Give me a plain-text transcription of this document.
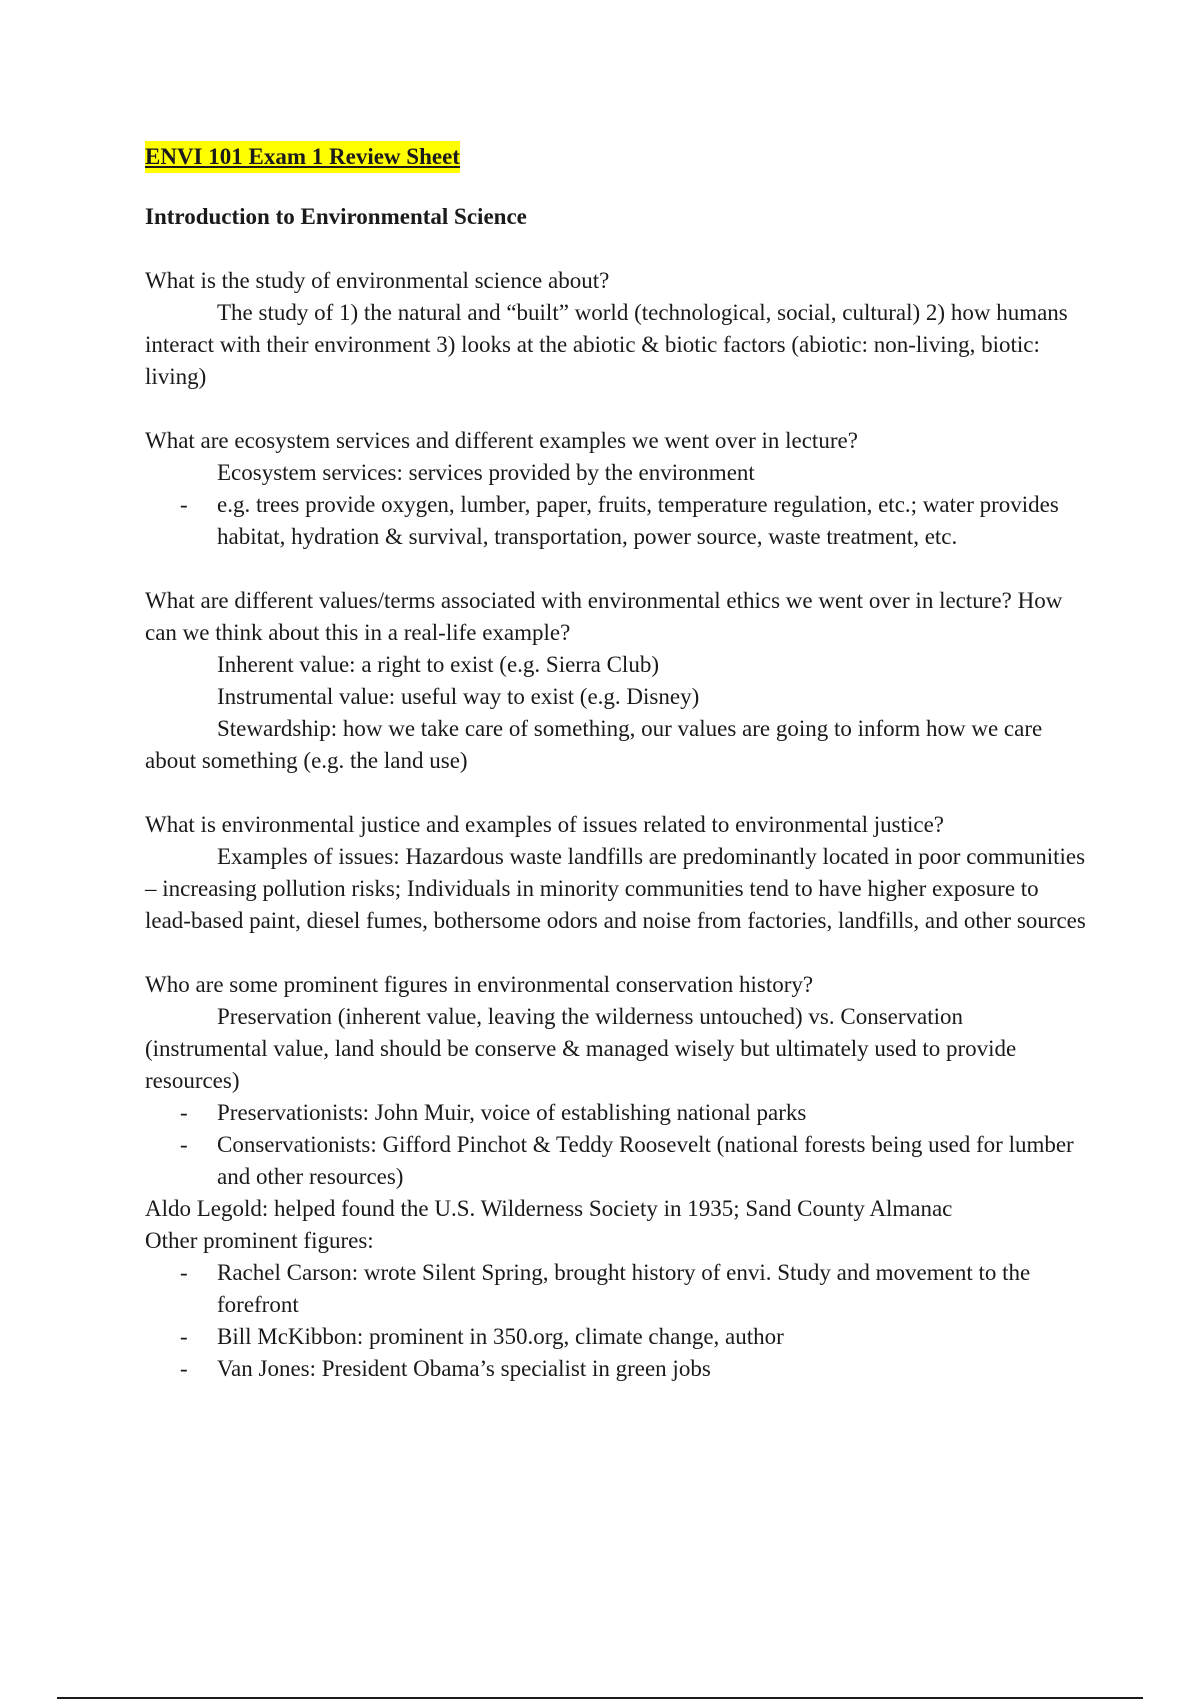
ENVI 101 Exam 1 Review Sheet

Introduction to Environmental Science

What is the study of environmental science about?

The study of 1) the natural and “built” world (technological, social, cultural) 2) how humans interact with their environment 3) looks at the abiotic & biotic factors (abiotic: non-living, biotic: living)

What are ecosystem services and different examples we went over in lecture?

Ecosystem services: services provided by the environment

- e.g. trees provide oxygen, lumber, paper, fruits, temperature regulation, etc.; water provides habitat, hydration & survival, transportation, power source, waste treatment, etc.

What are different values/terms associated with environmental ethics we went over in lecture? How can we think about this in a real-life example?

Inherent value: a right to exist (e.g. Sierra Club)

Instrumental value: useful way to exist (e.g. Disney)

Stewardship: how we take care of something, our values are going to inform how we care about something (e.g. the land use)

What is environmental justice and examples of issues related to environmental justice?

Examples of issues: Hazardous waste landfills are predominantly located in poor communities – increasing pollution risks; Individuals in minority communities tend to have higher exposure to lead-based paint, diesel fumes, bothersome odors and noise from factories, landfills, and other sources

Who are some prominent figures in environmental conservation history?

Preservation (inherent value, leaving the wilderness untouched) vs. Conservation (instrumental value, land should be conserve & managed wisely but ultimately used to provide resources)

- Preservationists: John Muir, voice of establishing national parks
- Conservationists: Gifford Pinchot & Teddy Roosevelt (national forests being used for lumber and other resources)

Aldo Legold: helped found the U.S. Wilderness Society in 1935; Sand County Almanac

Other prominent figures:

- Rachel Carson: wrote Silent Spring, brought history of envi. Study and movement to the forefront
- Bill McKibbon: prominent in 350.org, climate change, author
- Van Jones: President Obama’s specialist in green jobs
